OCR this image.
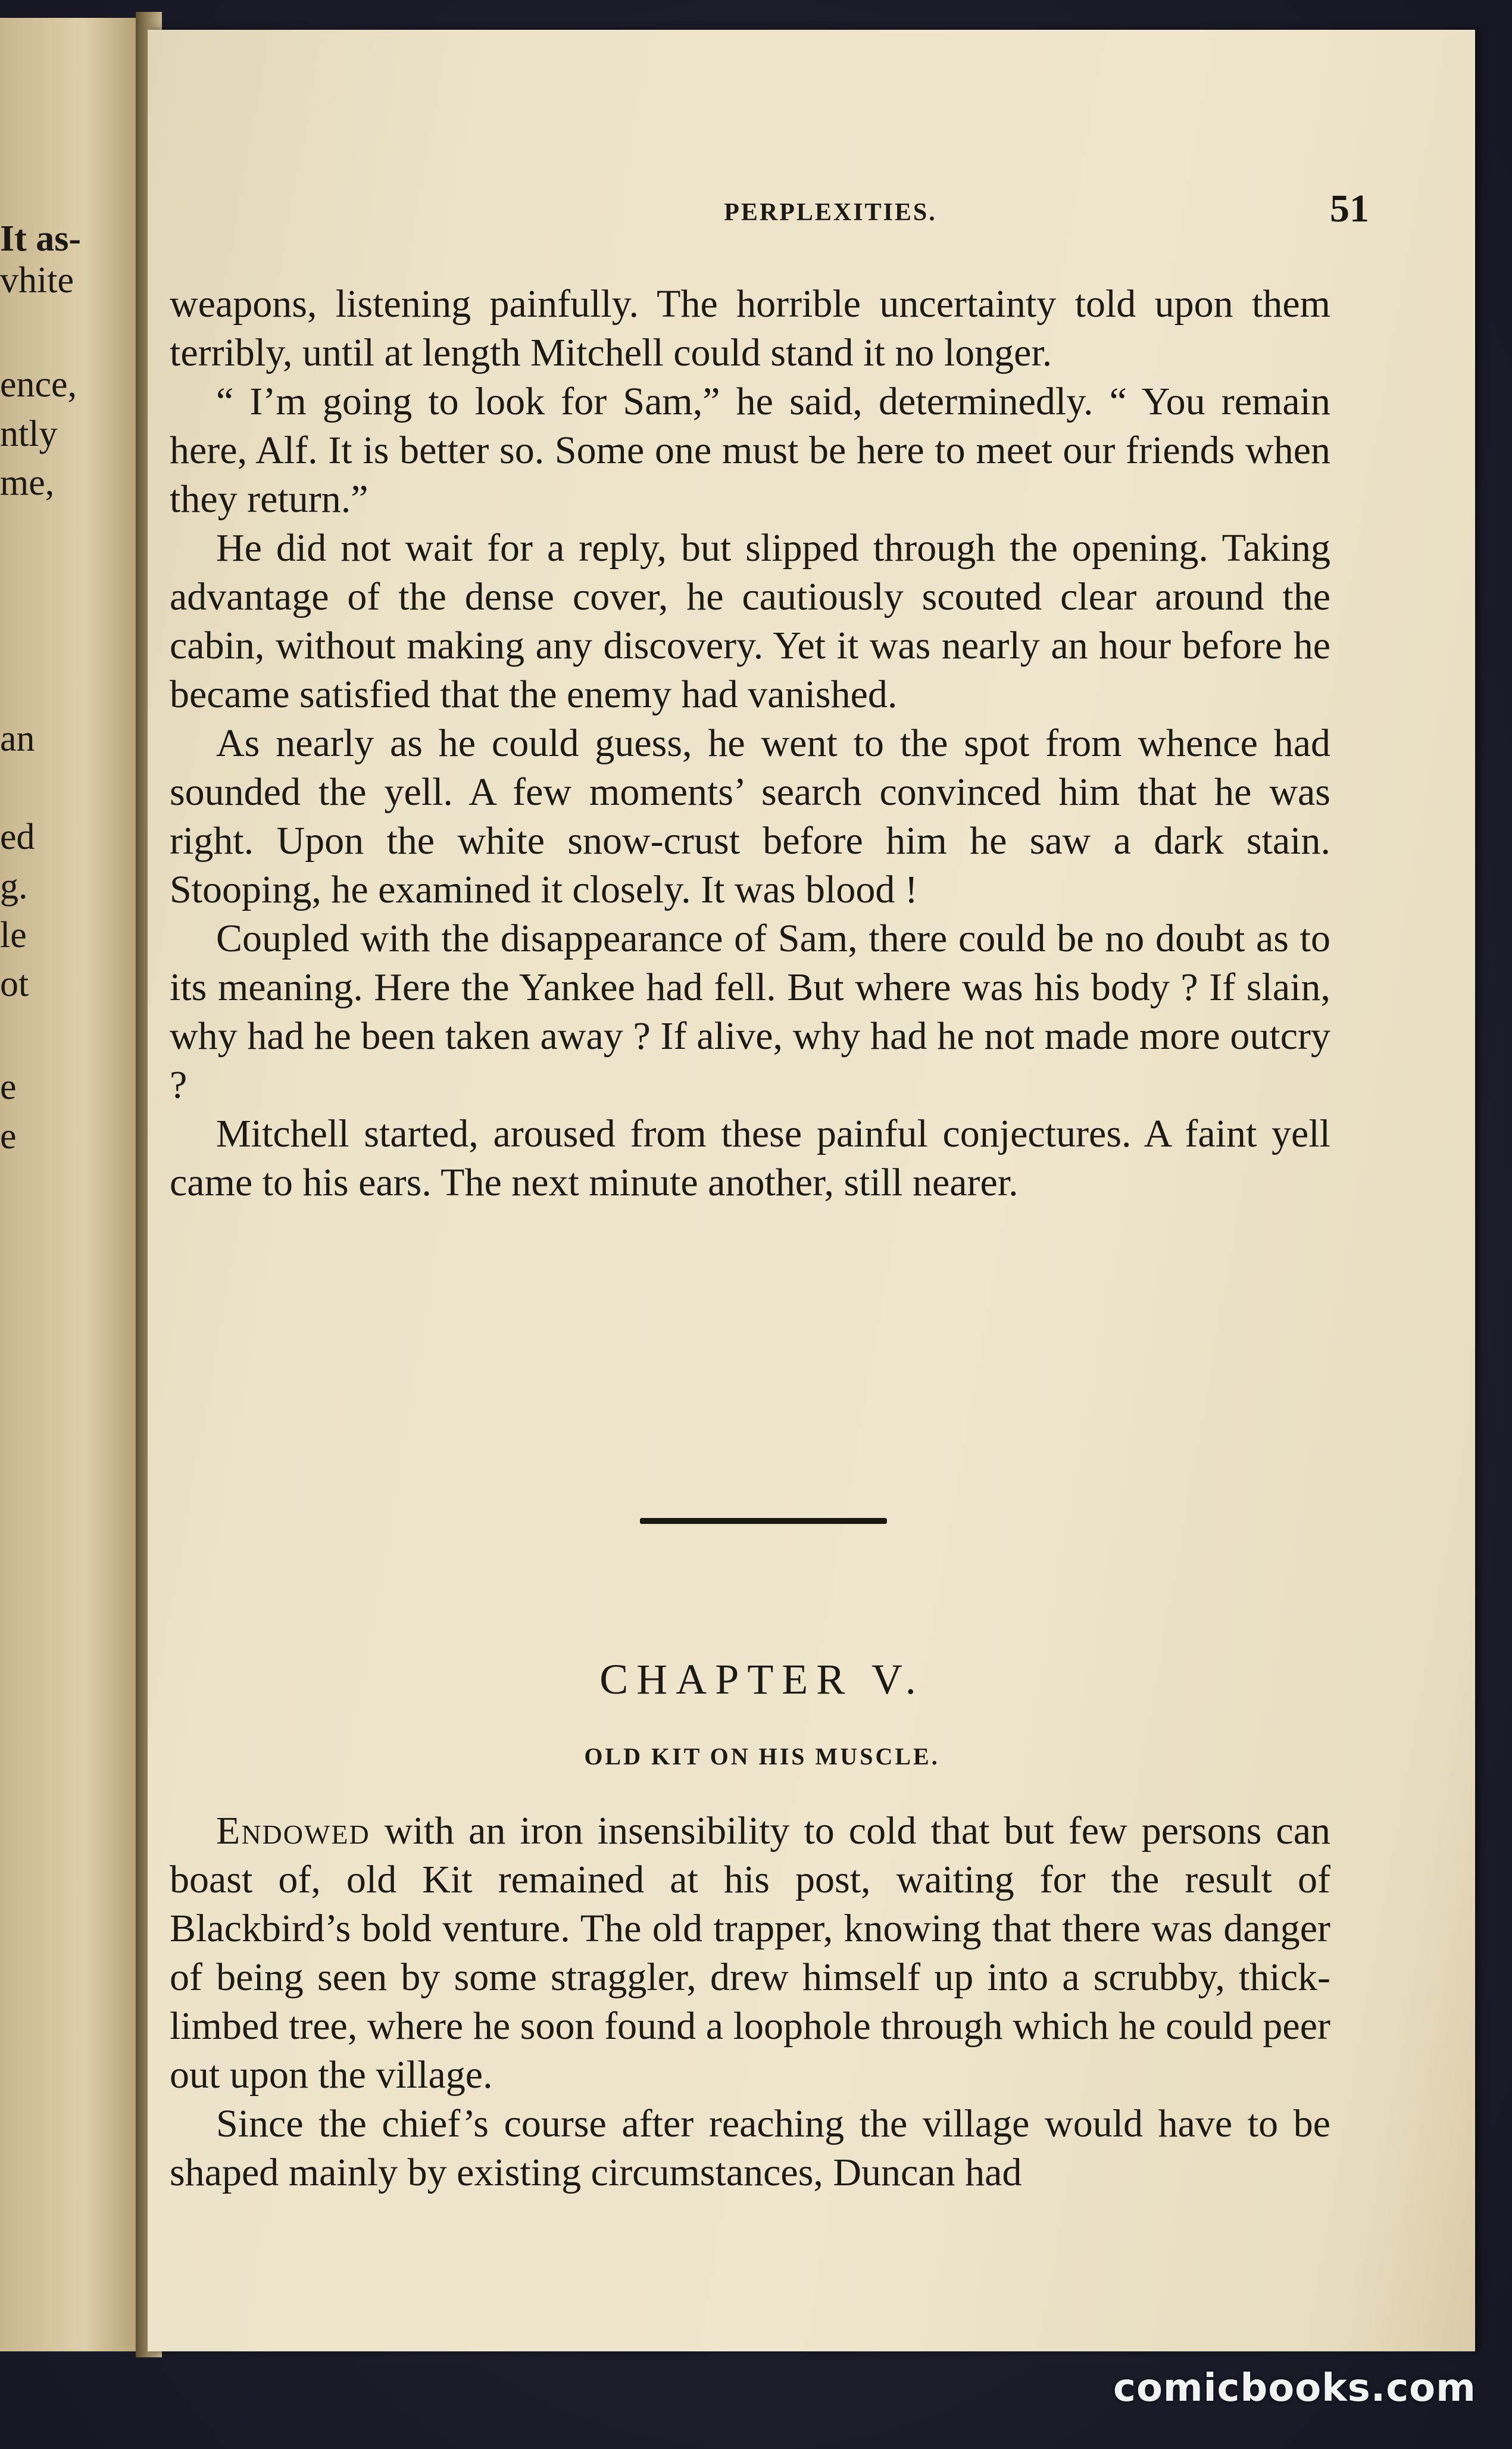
It as-
vhite
ence,
ntly
me,
an
ed
g.
le
ot
e
e
PERPLEXITIES.	51

weapons, listening painfully. The horrible uncertainty told upon them terribly, until at length Mitchell could stand it no longer.

“ I’m going to look for Sam,” he said, determinedly. “ You remain here, Alf. It is better so. Some one must be here to meet our friends when they return.”

He did not wait for a reply, but slipped through the opening. Taking advantage of the dense cover, he cautiously scouted clear around the cabin, without making any discovery. Yet it was nearly an hour before he became satisfied that the enemy had vanished.

As nearly as he could guess, he went to the spot from whence had sounded the yell. A few moments’ search convinced him that he was right. Upon the white snow-crust before him he saw a dark stain. Stooping, he examined it closely. It was blood !

Coupled with the disappearance of Sam, there could be no doubt as to its meaning. Here the Yankee had fell. But where was his body ? If slain, why had he been taken away ? If alive, why had he not made more outcry ?

Mitchell started, aroused from these painful conjectures. A faint yell came to his ears. The next minute another, still nearer.

CHAPTER V.
OLD KIT ON HIS MUSCLE.

Endowed with an iron insensibility to cold that but few persons can boast of, old Kit remained at his post, waiting for the result of Blackbird’s bold venture. The old trapper, knowing that there was danger of being seen by some straggler, drew himself up into a scrubby, thick-limbed tree, where he soon found a loophole through which he could peer out upon the village.

Since the chief’s course after reaching the village would have to be shaped mainly by existing circumstances, Duncan had

comicbooks.com
